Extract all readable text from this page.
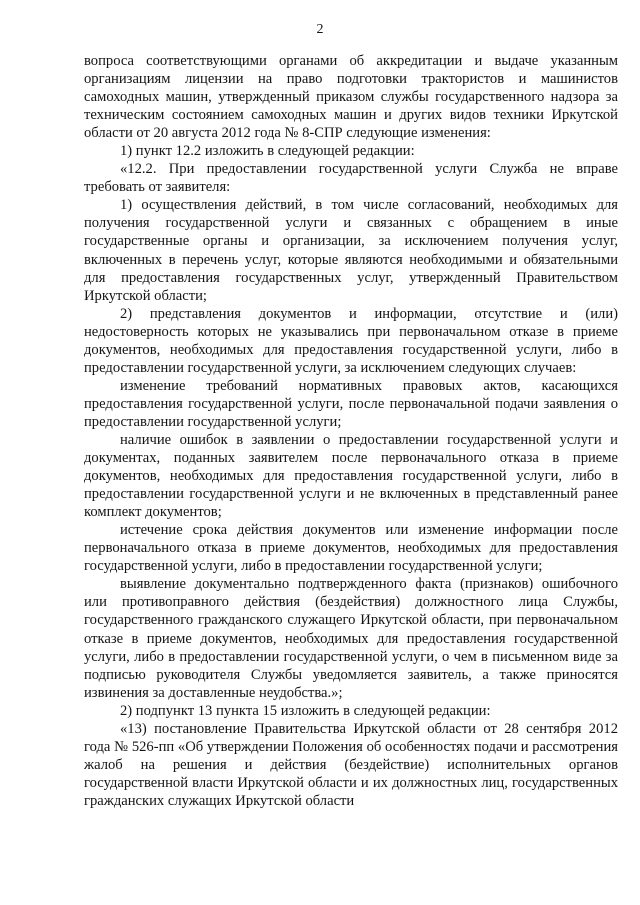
2

вопроса соответствующими органами об аккредитации и выдаче указанным организациям лицензии на право подготовки трактористов и машинистов самоходных машин, утвержденный приказом службы государственного надзора за техническим состоянием самоходных машин и других видов техники Иркутской области от 20 августа 2012 года № 8-СПР следующие изменения:

1) пункт 12.2 изложить в следующей редакции:

«12.2. При предоставлении государственной услуги Служба не вправе требовать от заявителя:

1) осуществления действий, в том числе согласований, необходимых для получения государственной услуги и связанных с обращением в иные государственные органы и организации, за исключением получения услуг, включенных в перечень услуг, которые являются необходимыми и обязательными для предоставления государственных услуг, утвержденный Правительством Иркутской области;

2) представления документов и информации, отсутствие и (или) недостоверность которых не указывались при первоначальном отказе в приеме документов, необходимых для предоставления государственной услуги, либо в предоставлении государственной услуги, за исключением следующих случаев:

изменение требований нормативных правовых актов, касающихся предоставления государственной услуги, после первоначальной подачи заявления о предоставлении государственной услуги;

наличие ошибок в заявлении о предоставлении государственной услуги и документах, поданных заявителем после первоначального отказа в приеме документов, необходимых для предоставления государственной услуги, либо в предоставлении государственной услуги и не включенных в представленный ранее комплект документов;

истечение срока действия документов или изменение информации после первоначального отказа в приеме документов, необходимых для предоставления государственной услуги, либо в предоставлении государственной услуги;

выявление документально подтвержденного факта (признаков) ошибочного или противоправного действия (бездействия) должностного лица Службы, государственного гражданского служащего Иркутской области, при первоначальном отказе в приеме документов, необходимых для предоставления государственной услуги, либо в предоставлении государственной услуги, о чем в письменном виде за подписью руководителя Службы уведомляется заявитель, а также приносятся извинения за доставленные неудобства.»;

2) подпункт 13 пункта 15 изложить в следующей редакции:

«13) постановление Правительства Иркутской области от 28 сентября 2012 года № 526-пп «Об утверждении Положения об особенностях подачи и рассмотрения жалоб на решения и действия (бездействие) исполнительных органов государственной власти Иркутской области и их должностных лиц, государственных гражданских служащих Иркутской области
